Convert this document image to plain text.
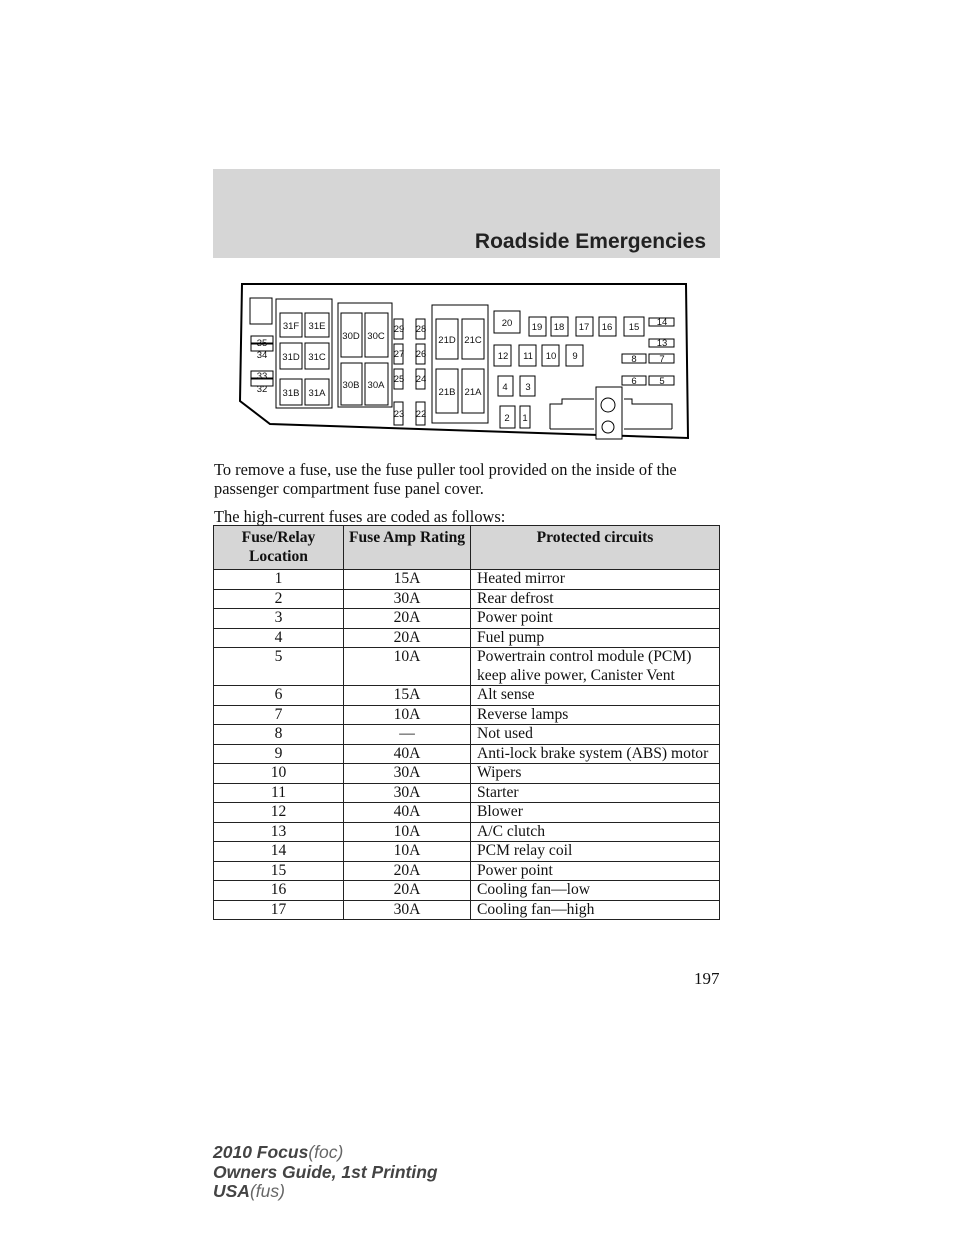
Roadside Emergencies
35
34
33
32
31F 31E
31D 31C
31B 31A
30D 30C
30B 30A
29 28
27 26
25 24
23 22
21D 21C
21B 21A
20 19 18 17 16 15 14
13
12 11 10 9	8 7
6 5
4 3
2 1

To remove a fuse, use the fuse puller tool provided on the inside of the passenger compartment fuse panel cover.

The high-current fuses are coded as follows:

Fuse/Relay Location	Fuse Amp Rating	Protected circuits
1	15A	Heated mirror
2	30A	Rear defrost
3	20A	Power point
4	20A	Fuel pump
5	10A	Powertrain control module (PCM) keep alive power, Canister Vent
6	15A	Alt sense
7	10A	Reverse lamps
8	—	Not used
9	40A	Anti-lock brake system (ABS) motor
10	30A	Wipers
11	30A	Starter
12	40A	Blower
13	10A	A/C clutch
14	10A	PCM relay coil
15	20A	Power point
16	20A	Cooling fan—low
17	30A	Cooling fan—high
197
2010 Focus(foc)
Owners Guide, 1st Printing
USA(fus)
